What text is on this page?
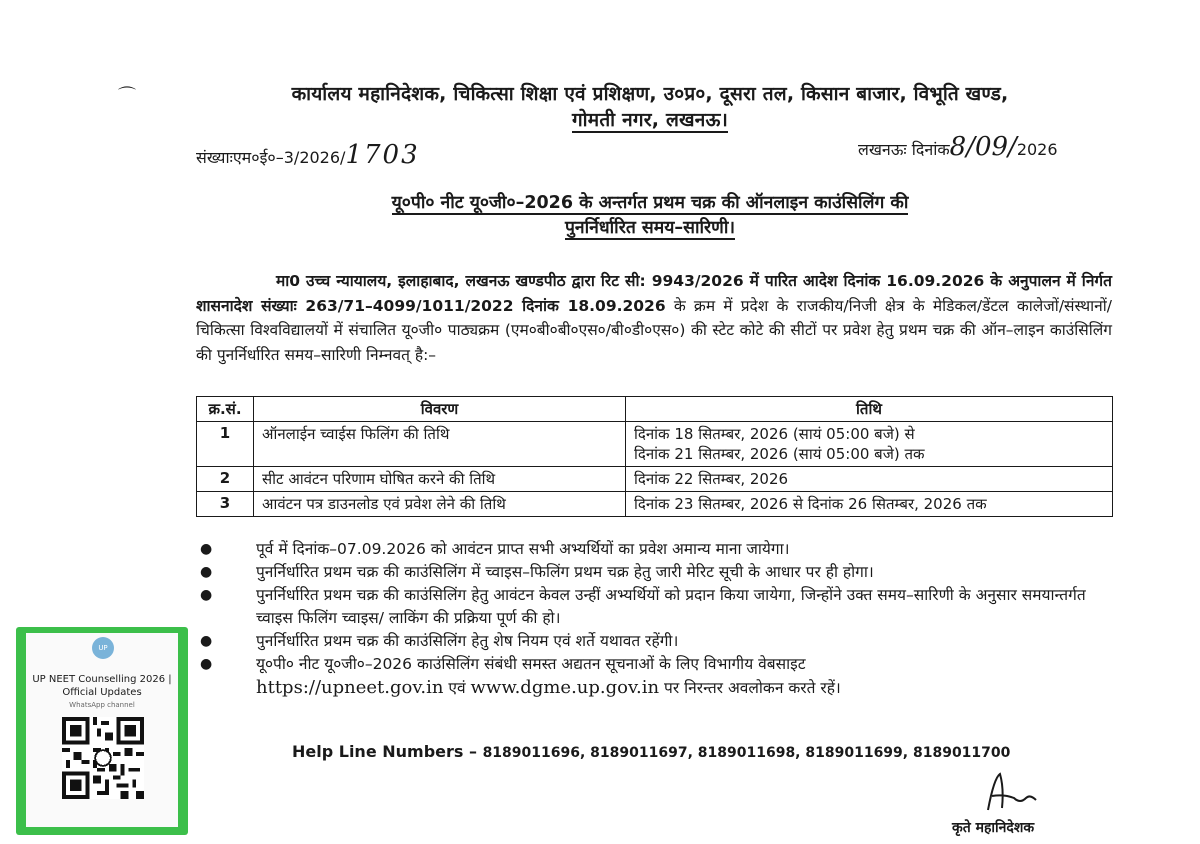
⌒	कार्यालय महानिदेशक, चिकित्सा शिक्षा एवं प्रशिक्षण, उ०प्र०, दूसरा तल, किसान बाजार, विभूति खण्ड,
गोमती नगर, लखनऊ।
संख्याःएम०ई०–3/2026/1703	लखनऊः दिनांक8/09/2026
यू०पी० नीट यू०जी०–2026 के अन्तर्गत प्रथम चक्र की ऑनलाइन काउंसिलिंग की
पुनर्निर्धारित समय–सारिणी।
मा0 उच्च न्यायालय, इलाहाबाद, लखनऊ खण्डपीठ द्वारा रिट सी: 9943/2026 में पारित आदेश दिनांक 16.09.2026 के अनुपालन में निर्गत शासनादेश संख्याः 263/71–4099/1011/2022 दिनांक 18.09.2026 के क्रम में प्रदेश के राजकीय/निजी क्षेत्र के मेडिकल/डेंटल कालेजों/संस्थानों/चिकित्सा विश्वविद्यालयों में संचालित यू०जी० पाठ्यक्रम (एम०बी०बी०एस०/बी०डी०एस०) की स्टेट कोटे की सीटों पर प्रवेश हेतु प्रथम चक्र की ऑन–लाइन काउंसिलिंग की पुनर्निर्धारित समय–सारिणी निम्नवत् है:–
क्र.सं.	विवरण	तिथि
1	ऑनलाईन च्वाईस फिलिंग की तिथि	दिनांक 18 सितम्बर, 2026 (सायं 05:00 बजे) से
दिनांक 21 सितम्बर, 2026 (सायं 05:00 बजे) तक

2	सीट आवंटन परिणाम घोषित करने की तिथि	दिनांक 22 सितम्बर, 2026
3	आवंटन पत्र डाउनलोड एवं प्रवेश लेने की तिथि	दिनांक 23 सितम्बर, 2026 से दिनांक 26 सितम्बर, 2026 तक
●	पूर्व में दिनांक–07.09.2026 को आवंटन प्राप्त सभी अभ्यर्थियों का प्रवेश अमान्य माना जायेगा।
●	पुनर्निर्धारित प्रथम चक्र की काउंसिलिंग में च्वाइस–फिलिंग प्रथम चक्र हेतु जारी मेरिट सूची के आधार पर ही होगा।
●	पुनर्निर्धारित प्रथम चक्र की काउंसिलिंग हेतु आवंटन केवल उन्हीं अभ्यर्थियों को प्रदान किया जायेगा, जिन्होंने उक्त समय–सारिणी के अनुसार समयान्तर्गत च्वाइस फिलिंग च्वाइस/ लाकिंग की प्रक्रिया पूर्ण की हो।
●	पुनर्निर्धारित प्रथम चक्र की काउंसिलिंग हेतु शेष नियम एवं शर्ते यथावत रहेंगी।
●	यू०पी० नीट यू०जी०–2026 काउंसिलिंग संबंधी समस्त अद्यतन सूचनाओं के लिए विभागीय वेबसाइट
https://upneet.gov.in एवं www.dgme.up.gov.in पर निरन्तर अवलोकन करते रहें।
Help Line Numbers – 8189011696, 8189011697, 8189011698, 8189011699, 8189011700
कृते महानिदेशक
UP
UP NEET Counselling 2026 | Official Updates
WhatsApp channel
